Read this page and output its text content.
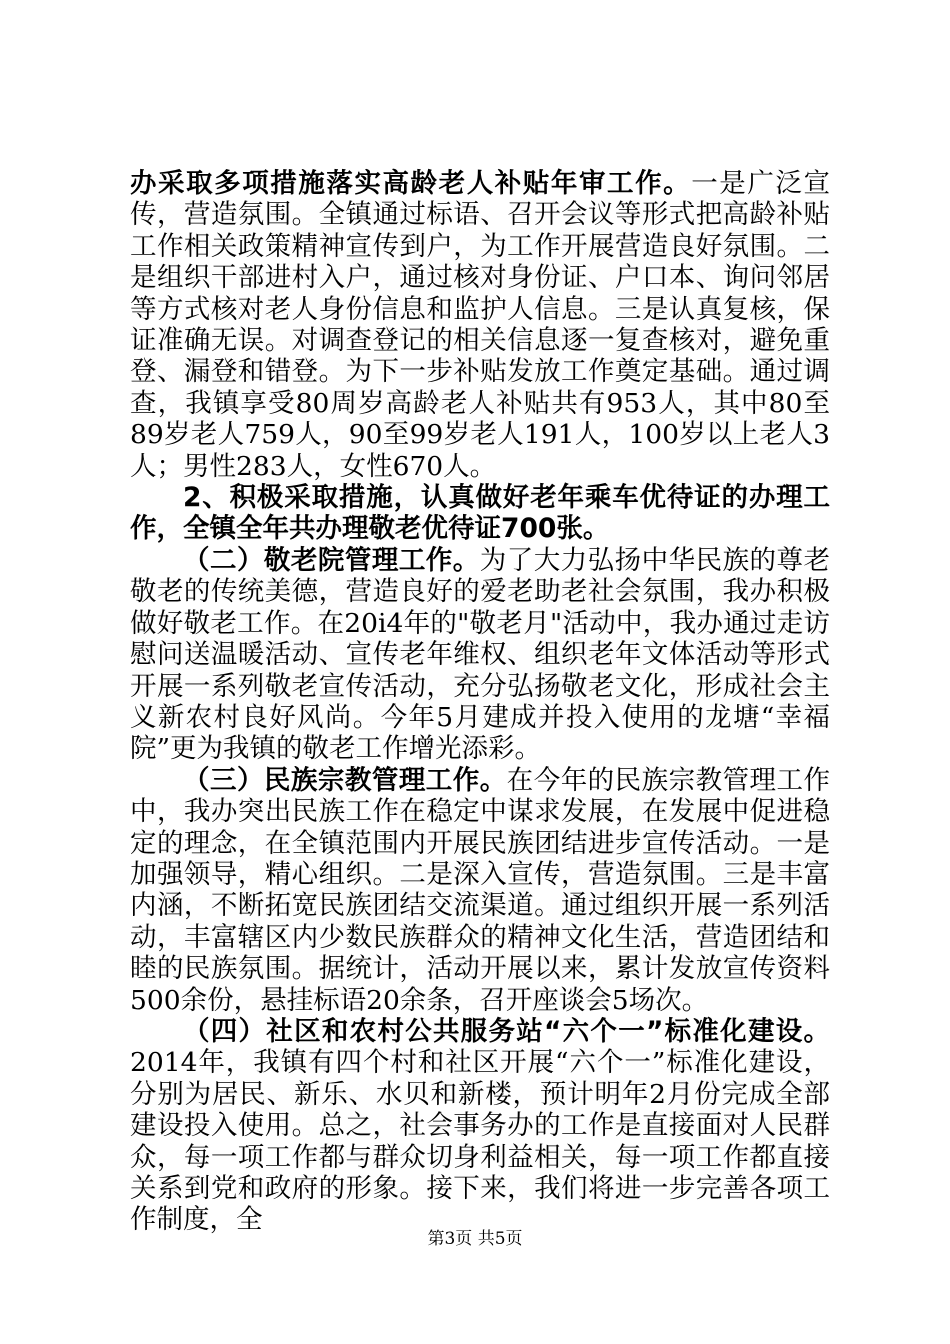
办采取多项措施落实高龄老人补贴年审工作。一是广泛宣传，营造氛围。全镇通过标语、召开会议等形式把高龄补贴工作相关政策精神宣传到户，为工作开展营造良好氛围。二是组织干部进村入户，通过核对身份证、户口本、询问邻居等方式核对老人身份信息和监护人信息。三是认真复核，保证准确无误。对调查登记的相关信息逐一复查核对，避免重登、漏登和错登。为下一步补贴发放工作奠定基础。通过调查，我镇享受80周岁高龄老人补贴共有953人，其中80至89岁老人759人，90至99岁老人191人，100岁以上老人3人；男性283人，女性670人。

2、积极采取措施，认真做好老年乘车优待证的办理工作，全镇全年共办理敬老优待证700张。

（二）敬老院管理工作。为了大力弘扬中华民族的尊老敬老的传统美德，营造良好的爱老助老社会氛围，我办积极做好敬老工作。在20i4年的"敬老月"活动中，我办通过走访慰问送温暖活动、宣传老年维权、组织老年文体活动等形式开展一系列敬老宣传活动，充分弘扬敬老文化，形成社会主义新农村良好风尚。今年5月建成并投入使用的龙塘“幸福院”更为我镇的敬老工作增光添彩。

（三）民族宗教管理工作。在今年的民族宗教管理工作中，我办突出民族工作在稳定中谋求发展，在发展中促进稳定的理念，在全镇范围内开展民族团结进步宣传活动。一是加强领导，精心组织。二是深入宣传，营造氛围。三是丰富内涵，不断拓宽民族团结交流渠道。通过组织开展一系列活动，丰富辖区内少数民族群众的精神文化生活，营造团结和睦的民族氛围。据统计，活动开展以来，累计发放宣传资料500余份，悬挂标语20余条，召开座谈会5场次。

（四）社区和农村公共服务站“六个一”标准化建设。2014年，我镇有四个村和社区开展“六个一”标准化建设，分别为居民、新乐、水贝和新楼，预计明年2月份完成全部建设投入使用。总之，社会事务办的工作是直接面对人民群众，每一项工作都与群众切身利益相关，每一项工作都直接关系到党和政府的形象。接下来，我们将进一步完善各项工作制度，全

第3页 共5页
